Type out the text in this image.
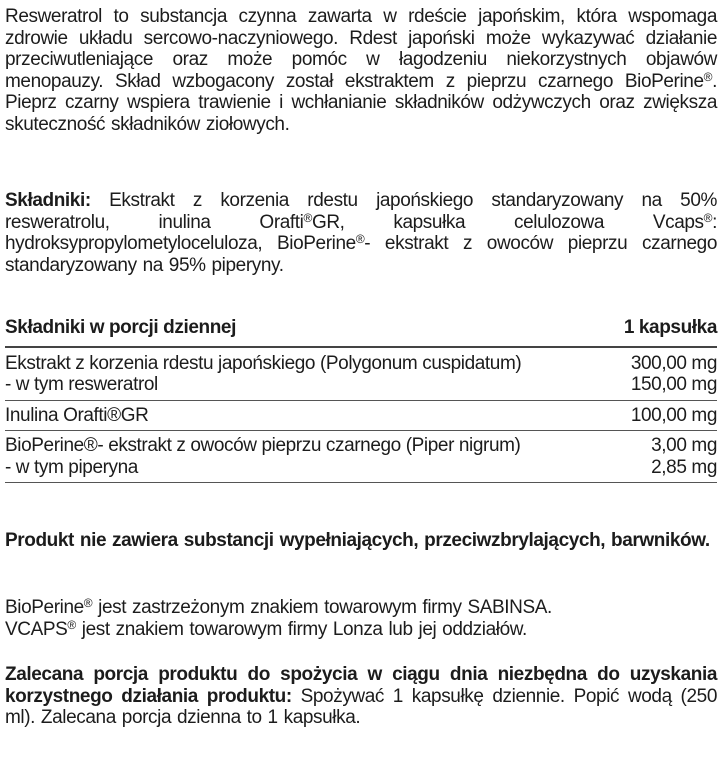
Resweratrol to substancja czynna zawarta w rdeście japońskim, która wspomaga zdrowie układu sercowo-naczyniowego. Rdest japoński może wykazywać działanie przeciwutleniające oraz może pomóc w łagodzeniu niekorzystnych objawów menopauzy. Skład wzbogacony został ekstraktem z pieprzu czarnego BioPerine®. Pieprz czarny wspiera trawienie i wchłanianie składników odżywczych oraz zwiększa skuteczność składników ziołowych.
Składniki: Ekstrakt z korzenia rdestu japońskiego standaryzowany na 50% resweratrolu, inulina Orafti®GR, kapsułka celulozowa Vcaps®: hydroksypropylometyloceluloza, BioPerine®- ekstrakt z owoców pieprzu czarnego standaryzowany na 95% piperyny.
Składniki w porcji dziennej	1 kapsułka
Ekstrakt z korzenia rdestu japońskiego (Polygonum cuspidatum)	300,00 mg
- w tym resweratrol	150,00 mg
Inulina Orafti®GR	100,00 mg
BioPerine®- ekstrakt z owoców pieprzu czarnego (Piper nigrum)	3,00 mg
- w tym piperyna	2,85 mg
Produkt nie zawiera substancji wypełniających, przeciwzbrylających, barwników.
BioPerine® jest zastrzeżonym znakiem towarowym firmy SABINSA.
VCAPS® jest znakiem towarowym firmy Lonza lub jej oddziałów.
Zalecana porcja produktu do spożycia w ciągu dnia niezbędna do uzyskania korzystnego działania produktu: Spożywać 1 kapsułkę dziennie. Popić wodą (250 ml). Zalecana porcja dzienna to 1 kapsułka.
